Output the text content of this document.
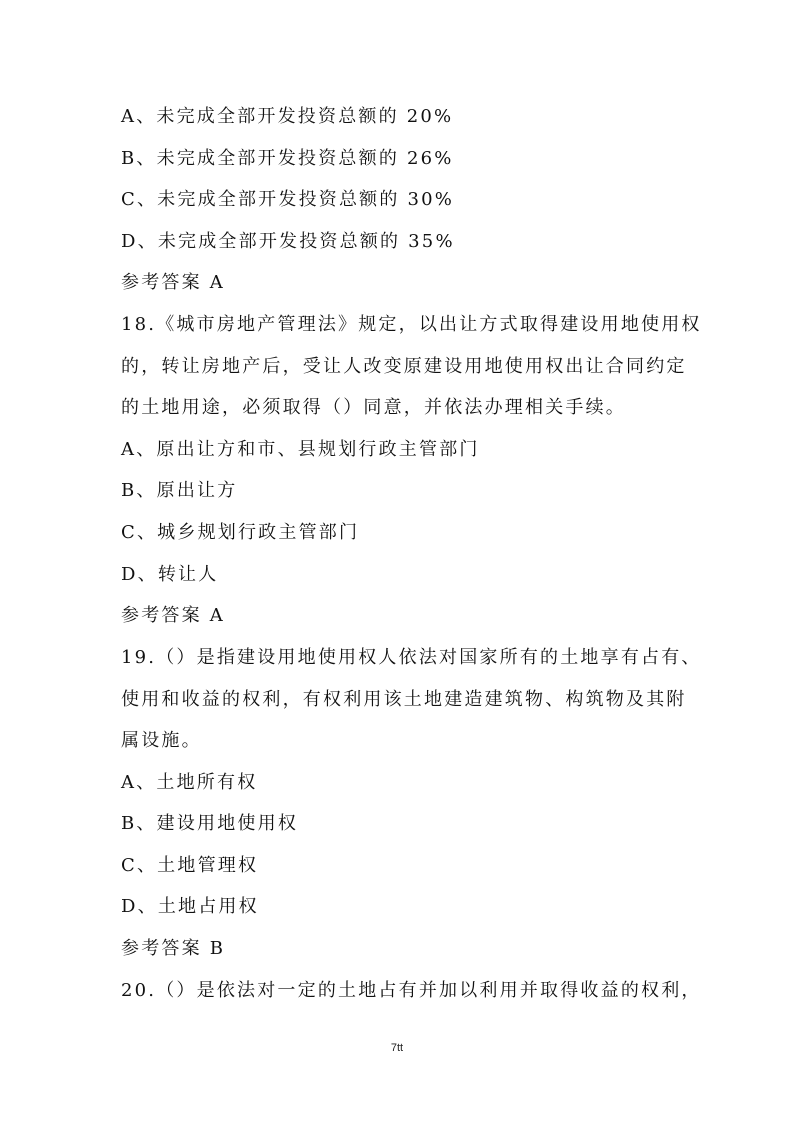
A、未完成全部开发投资总额的 20%
B、未完成全部开发投资总额的 26%
C、未完成全部开发投资总额的 30%
D、未完成全部开发投资总额的 35%
参考答案 A
18.《城市房地产管理法》规定，以出让方式取得建设用地使用权
的，转让房地产后，受让人改变原建设用地使用权出让合同约定
的土地用途，必须取得（）同意，并依法办理相关手续。
A、原出让方和市、县规划行政主管部门
B、原出让方
C、城乡规划行政主管部门
D、转让人
参考答案 A
19.（）是指建设用地使用权人依法对国家所有的土地享有占有、
使用和收益的权利，有权利用该土地建造建筑物、构筑物及其附
属设施。
A、土地所有权
B、建设用地使用权
C、土地管理权
D、土地占用权
参考答案 B
20.（）是依法对一定的土地占有并加以利用并取得收益的权利，
7tt
